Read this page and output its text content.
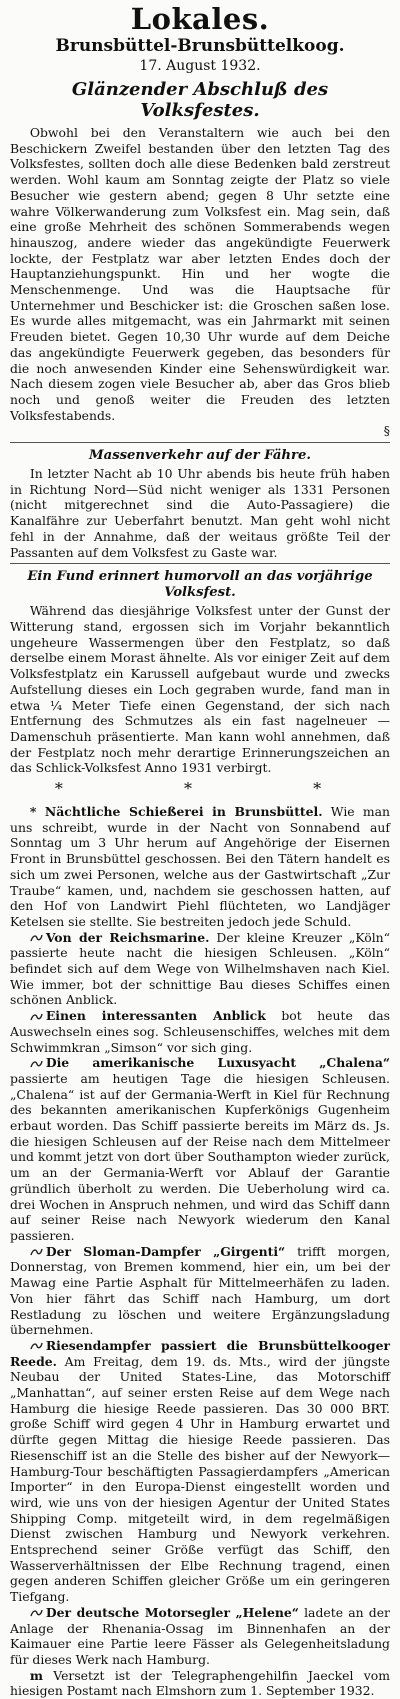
Lokales.
Brunsbüttel-Brunsbüttelkoog.
17. August 1932.
Glänzender Abschluß des Volksfestes.

Obwohl bei den Veranstaltern wie auch bei den Beschickern Zweifel bestanden über den letzten Tag des Volksfestes, sollten doch alle diese Bedenken bald zerstreut werden. Wohl kaum am Sonntag zeigte der Platz so viele Besucher wie gestern abend; gegen 8 Uhr setzte eine wahre Völkerwanderung zum Volksfest ein. Mag sein, daß eine große Mehrheit des schönen Sommerabends wegen hinauszog, andere wieder das angekündigte Feuerwerk lockte, der Festplatz war aber letzten Endes doch der Hauptanziehungspunkt. Hin und her wogte die Menschenmenge. Und was die Hauptsache für Unternehmer und Beschicker ist: die Groschen saßen lose. Es wurde alles mitgemacht, was ein Jahrmarkt mit seinen Freuden bietet. Gegen 10,30 Uhr wurde auf dem Deiche das angekündigte Feuerwerk gegeben, das besonders für die noch anwesenden Kinder eine Sehenswürdigkeit war. Nach diesem zogen viele Besucher ab, aber das Gros blieb noch und genoß weiter die Freuden des letzten Volksfestabends.

§
Massenverkehr auf der Fähre.

In letzter Nacht ab 10 Uhr abends bis heute früh haben in Richtung Nord—Süd nicht weniger als 1331 Personen (nicht mitgerechnet sind die Auto-Passagiere) die Kanalfähre zur Ueberfahrt benutzt. Man geht wohl nicht fehl in der Annahme, daß der weitaus größte Teil der Passanten auf dem Volksfest zu Gaste war.

Ein Fund erinnert humorvoll an das vorjährige Volksfest.

Während das diesjährige Volksfest unter der Gunst der Witterung stand, ergossen sich im Vorjahr bekanntlich ungeheure Wassermengen über den Festplatz, so daß derselbe einem Morast ähnelte. Als vor einiger Zeit auf dem Volksfestplatz ein Karussell aufgebaut wurde und zwecks Aufstellung dieses ein Loch gegraben wurde, fand man in etwa ¼ Meter Tiefe einen Gegenstand, der sich nach Entfernung des Schmutzes als ein fast nagelneuer — Damenschuh präsentierte. Man kann wohl annehmen, daß der Festplatz noch mehr derartige Erinnerungszeichen an das Schlick-Volksfest Anno 1931 verbirgt.

* * *

* Nächtliche Schießerei in Brunsbüttel. Wie man uns schreibt, wurde in der Nacht von Sonnabend auf Sonntag um 3 Uhr herum auf Angehörige der Eisernen Front in Brunsbüttel geschossen. Bei den Tätern handelt es sich um zwei Personen, welche aus der Gastwirtschaft „Zur Traube“ kamen, und, nachdem sie geschossen hatten, auf den Hof von Landwirt Piehl flüchteten, wo Landjäger Ketelsen sie stellte. Sie bestreiten jedoch jede Schuld.

Von der Reichsmarine. Der kleine Kreuzer „Köln“ passierte heute nacht die hiesigen Schleusen. „Köln“ befindet sich auf dem Wege von Wilhelmshaven nach Kiel. Wie immer, bot der schnittige Bau dieses Schiffes einen schönen Anblick.

Einen interessanten Anblick bot heute das Auswechseln eines sog. Schleusenschiffes, welches mit dem Schwimmkran „Simson“ vor sich ging.

Die amerikanische Luxusyacht „Chalena“ passierte am heutigen Tage die hiesigen Schleusen. „Chalena“ ist auf der Germania-Werft in Kiel für Rechnung des bekannten amerikanischen Kupferkönigs Gugenheim erbaut worden. Das Schiff passierte bereits im März ds. Js. die hiesigen Schleusen auf der Reise nach dem Mittelmeer und kommt jetzt von dort über Southampton wieder zurück, um an der Germania-Werft vor Ablauf der Garantie gründlich überholt zu werden. Die Ueberholung wird ca. drei Wochen in Anspruch nehmen, und wird das Schiff dann auf seiner Reise nach Newyork wiederum den Kanal passieren.

Der Sloman-Dampfer „Girgenti“ trifft morgen, Donnerstag, von Bremen kommend, hier ein, um bei der Mawag eine Partie Asphalt für Mittelmeerhäfen zu laden. Von hier fährt das Schiff nach Hamburg, um dort Restladung zu löschen und weitere Ergänzungsladung übernehmen.

Riesendampfer passiert die Brunsbüttelkooger Reede. Am Freitag, dem 19. ds. Mts., wird der jüngste Neubau der United States-Line, das Motorschiff „Manhattan“, auf seiner ersten Reise auf dem Wege nach Hamburg die hiesige Reede passieren. Das 30 000 BRT. große Schiff wird gegen 4 Uhr in Hamburg erwartet und dürfte gegen Mittag die hiesige Reede passieren. Das Riesenschiff ist an die Stelle des bisher auf der Newyork—Hamburg-Tour beschäftigten Passagierdampfers „American Importer“ in den Europa-Dienst eingestellt worden und wird, wie uns von der hiesigen Agentur der United States Shipping Comp. mitgeteilt wird, in dem regelmäßigen Dienst zwischen Hamburg und Newyork verkehren. Entsprechend seiner Größe verfügt das Schiff, den Wasserverhältnissen der Elbe Rechnung tragend, einen gegen anderen Schiffen gleicher Größe um ein geringeren Tiefgang.

Der deutsche Motorsegler „Helene“ ladete an der Anlage der Rhenania-Ossag im Binnenhafen an der Kaimauer eine Partie leere Fässer als Gelegenheitsladung für dieses Werk nach Hamburg.

m Versetzt ist der Telegraphengehilfin Jaeckel vom hiesigen Postamt nach Elmshorn zum 1. September 1932.
